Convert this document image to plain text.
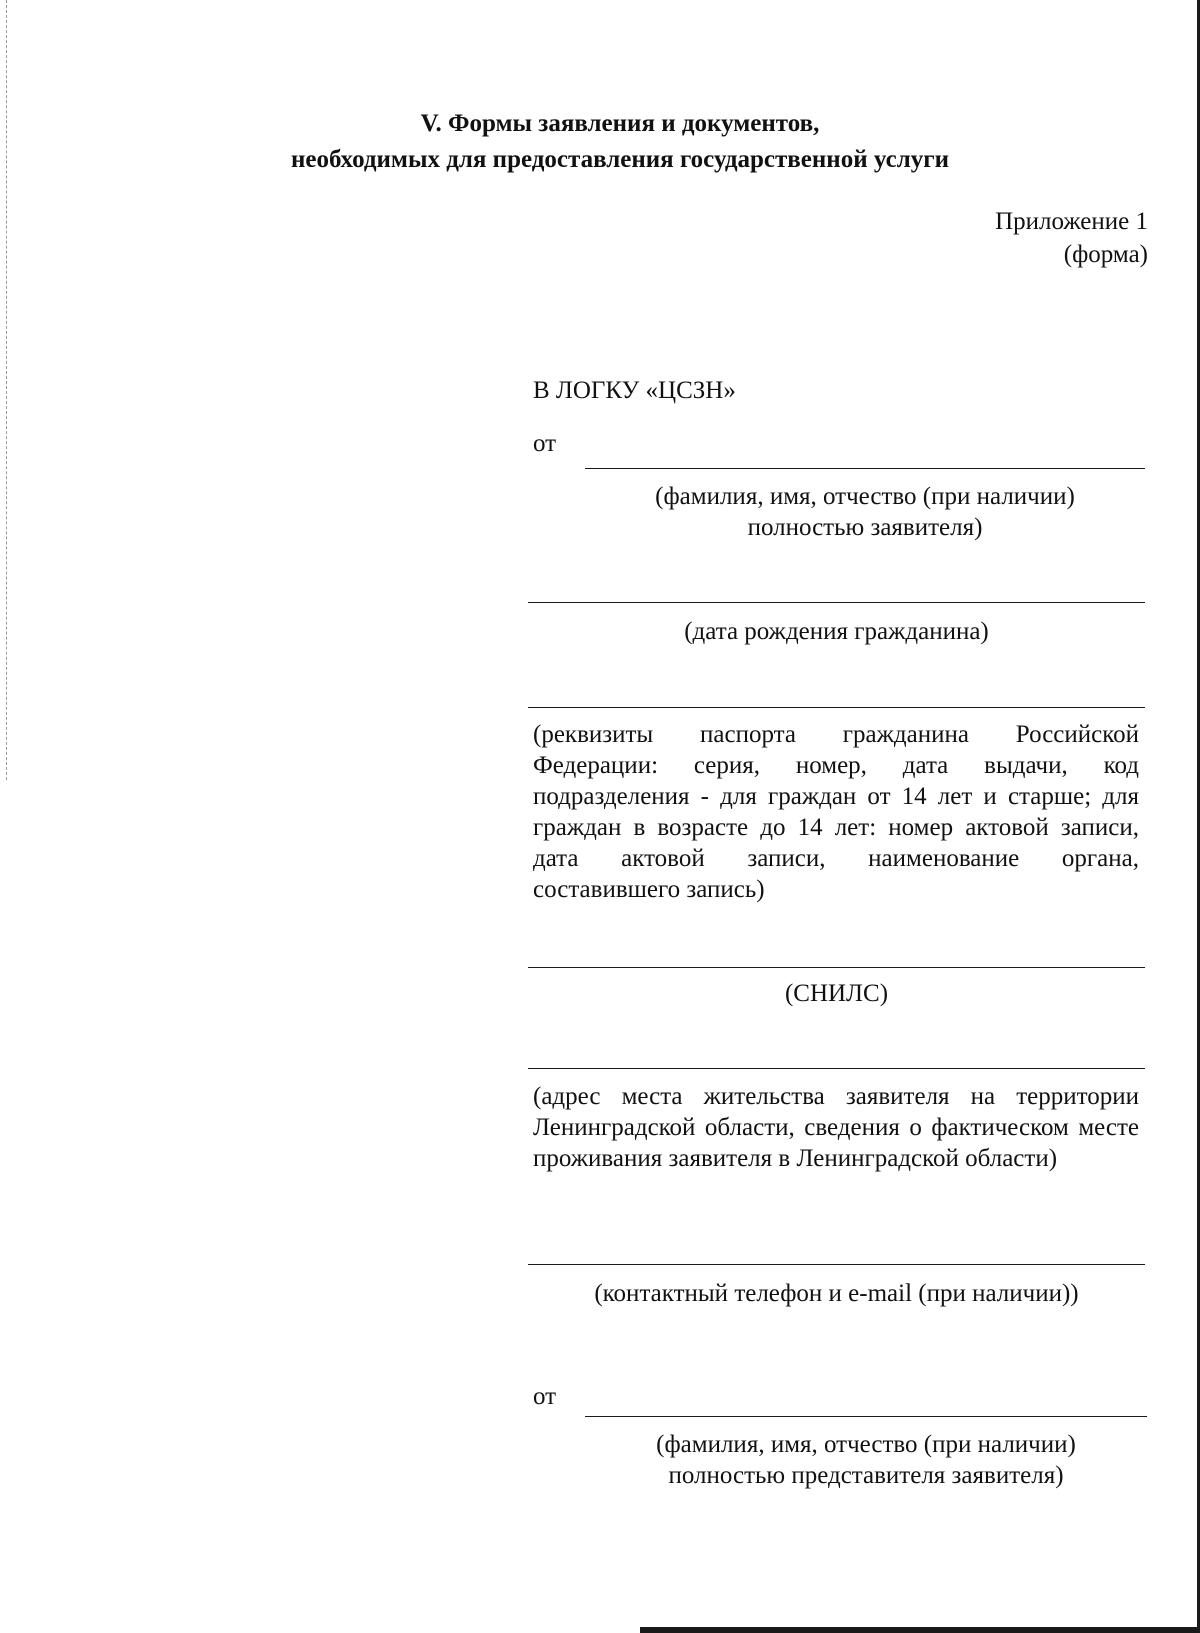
V. Формы заявления и документов,
необходимых для предоставления государственной услуги
Приложение 1
(форма)
В ЛОГКУ «ЦСЗН»
от
(фамилия, имя, отчество (при наличии)
полностью заявителя)
(дата рождения гражданина)
(реквизиты паспорта гражданина Российской Федерации: серия, номер, дата выдачи, код подразделения - для граждан от 14 лет и старше; для граждан в возрасте до 14 лет: номер актовой записи, дата актовой записи, наименование органа, составившего запись)
(СНИЛС)
(адрес места жительства заявителя на территории Ленинградской области, сведения о фактическом месте проживания заявителя в Ленинградской области)
(контактный телефон и e-mail (при наличии))
от
(фамилия, имя, отчество (при наличии)
полностью представителя заявителя)
